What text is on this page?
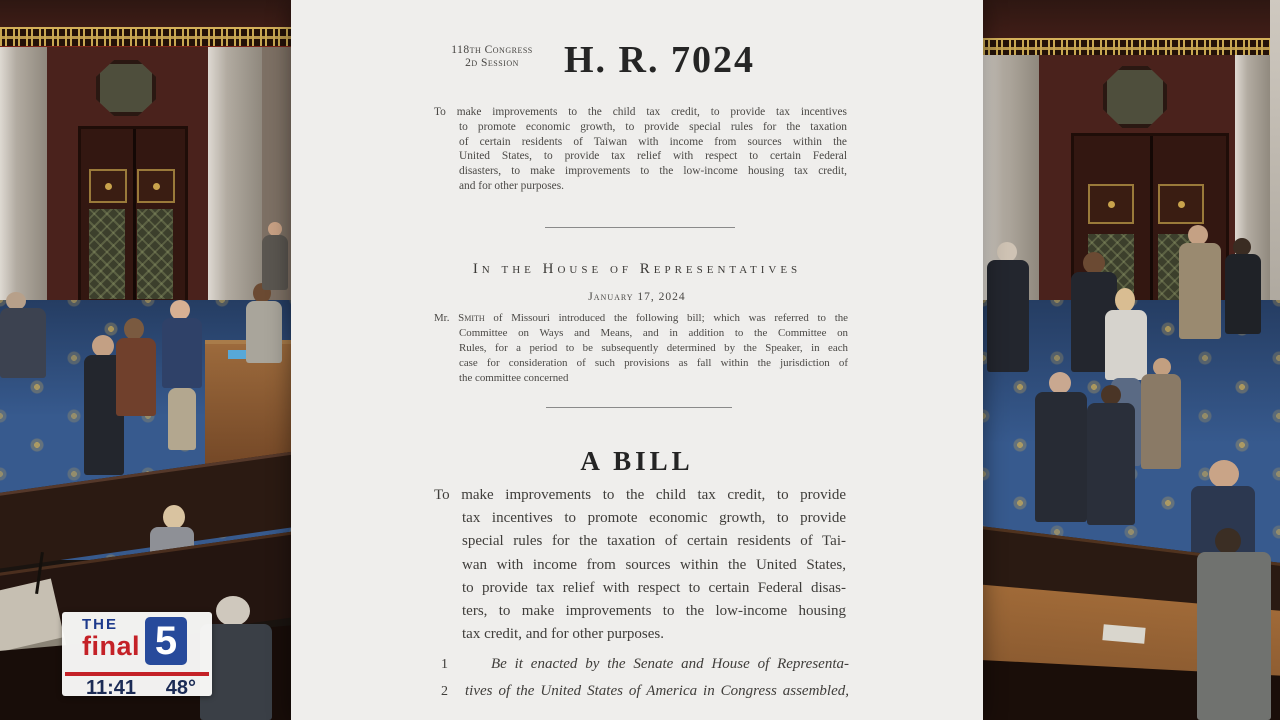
118th Congress
2d Session	H. R. 7024
To make improvements to the child tax credit, to provide tax incentives
to promote economic growth, to provide special rules for the taxation
of certain residents of Taiwan with income from sources within the
United States, to provide tax relief with respect to certain Federal
disasters, to make improvements to the low-income housing tax credit,
and for other purposes.
In the House of Representatives
January 17, 2024
Mr. Smith of Missouri introduced the following bill; which was referred to the
Committee on Ways and Means, and in addition to the Committee on
Rules, for a period to be subsequently determined by the Speaker, in each
case for consideration of such provisions as fall within the jurisdiction of
the committee concerned
A BILL
To make improvements to the child tax credit, to provide
tax incentives to promote economic growth, to provide
special rules for the taxation of certain residents of Tai-
wan with income from sources within the United States,
to provide tax relief with respect to certain Federal disas-
ters, to make improvements to the low-income housing
tax credit, and for other purposes.
1	Be it enacted by the Senate and House of Representa-
2	tives of the United States of America in Congress assembled,
THE
final 5
11:41 48°
